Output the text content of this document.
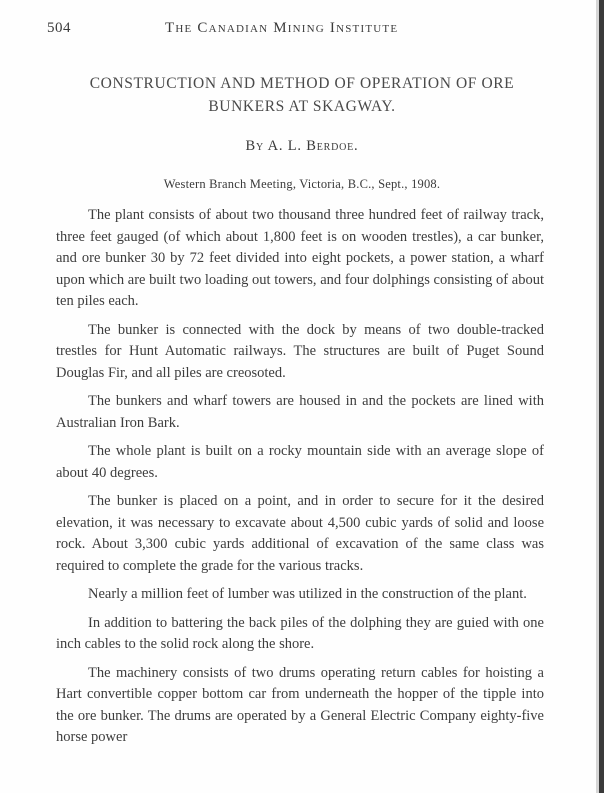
504	The Canadian Mining Institute
CONSTRUCTION AND METHOD OF OPERATION OF ORE
BUNKERS AT SKAGWAY.
By A. L. Berdoe.
Western Branch Meeting, Victoria, B.C., Sept., 1908.

The plant consists of about two thousand three hundred feet of railway track, three feet gauged (of which about 1,800 feet is on wooden trestles), a car bunker, and ore bunker 30 by 72 feet divided into eight pockets, a power station, a wharf upon which are built two loading out towers, and four dolphings consisting of about ten piles each.

The bunker is connected with the dock by means of two double-tracked trestles for Hunt Automatic railways. The structures are built of Puget Sound Douglas Fir, and all piles are creosoted.

The bunkers and wharf towers are housed in and the pockets are lined with Australian Iron Bark.

The whole plant is built on a rocky mountain side with an average slope of about 40 degrees.

The bunker is placed on a point, and in order to secure for it the desired elevation, it was necessary to excavate about 4,500 cubic yards of solid and loose rock. About 3,300 cubic yards additional of excavation of the same class was required to complete the grade for the various tracks.

Nearly a million feet of lumber was utilized in the construction of the plant.

In addition to battering the back piles of the dolphing they are guied with one inch cables to the solid rock along the shore.

The machinery consists of two drums operating return cables for hoisting a Hart convertible copper bottom car from underneath the hopper of the tipple into the ore bunker. The drums are operated by a General Electric Company eighty-five horse power
